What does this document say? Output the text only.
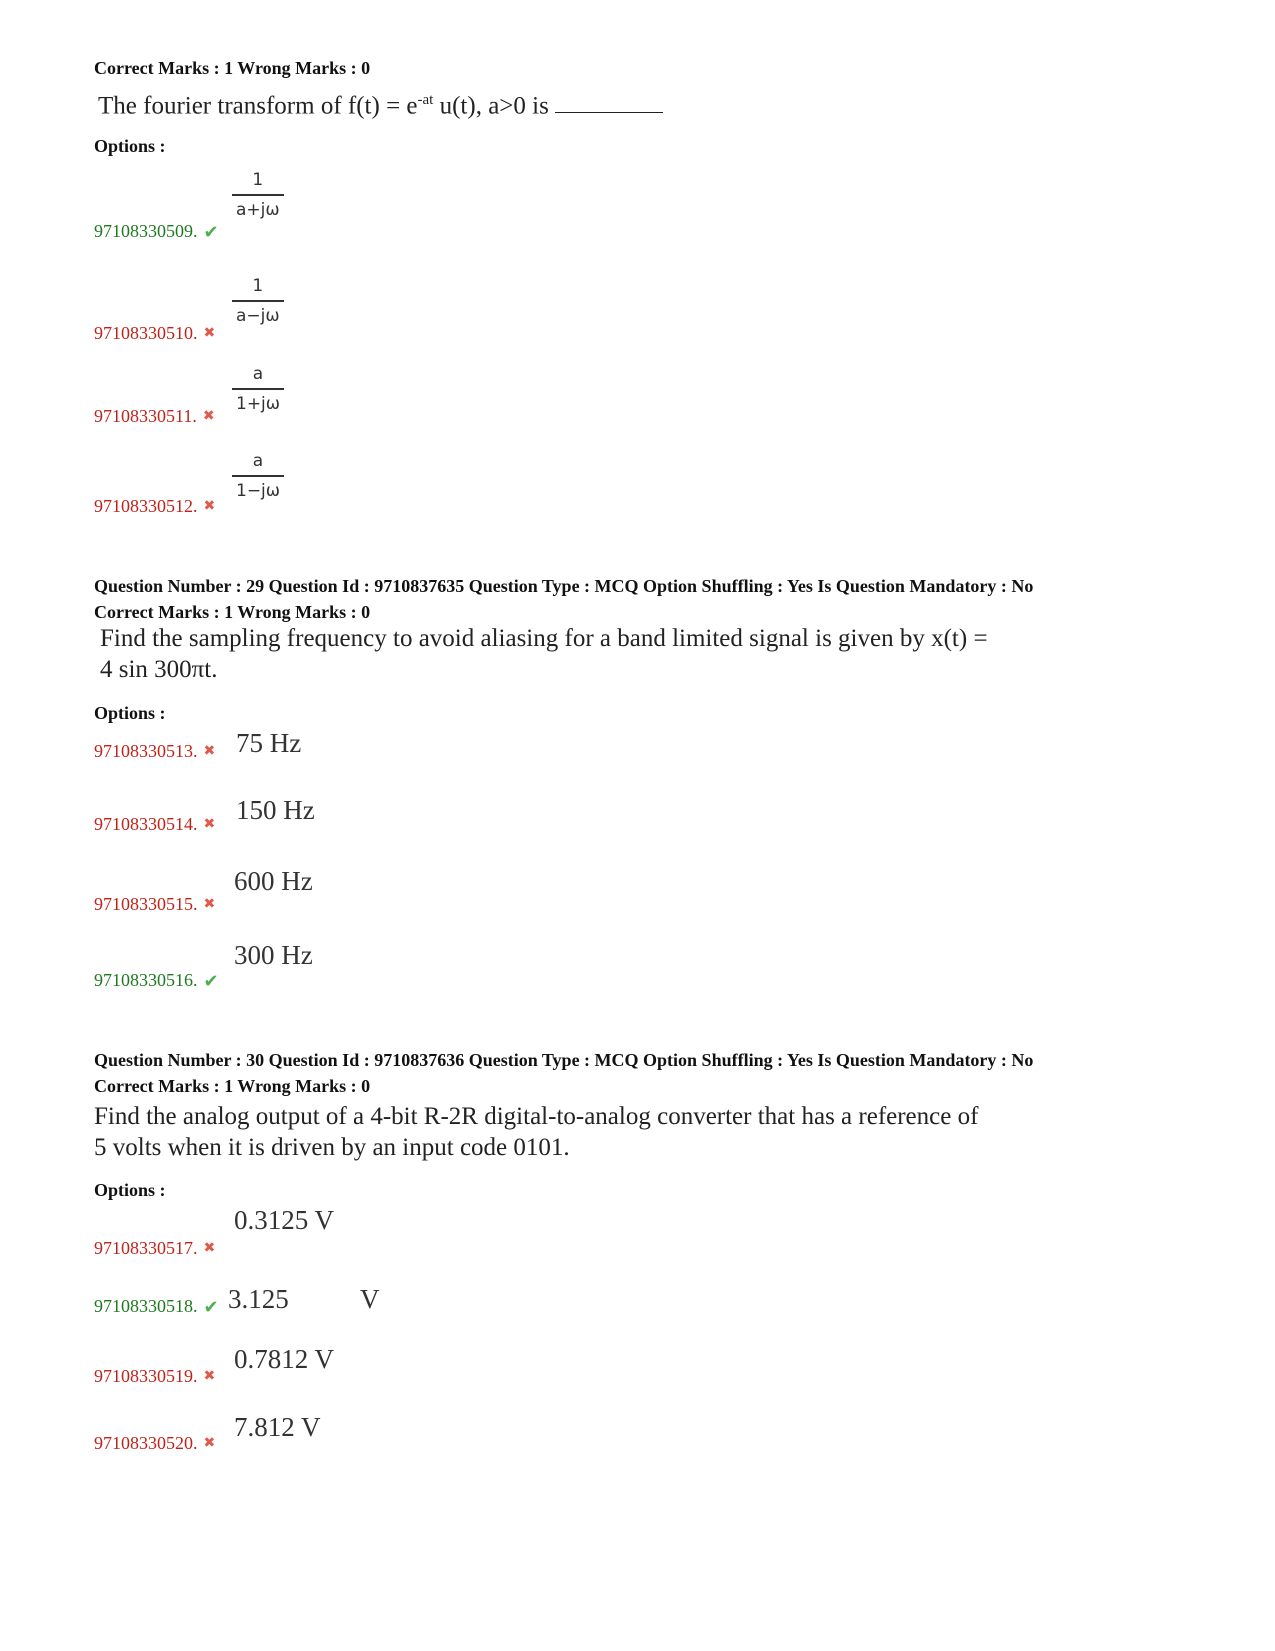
Correct Marks : 1 Wrong Marks : 0
The fourier transform of $f(t) = e^{-at}$ u(t), a>0 is
Options :
97108330509. ✔
1
a+jω
97108330510. ✖
1
a−jω
97108330511. ✖
a
1+jω
97108330512. ✖
a
1−jω
Question Number : 29 Question Id : 9710837635 Question Type : MCQ Option Shuffling : Yes Is Question Mandatory : No
Correct Marks : 1 Wrong Marks : 0
Find the sampling frequency to avoid aliasing for a band limited signal is given by x(t) =
4 sin 300πt.
Options :
97108330513. ✖ 75 Hz
97108330514. ✖ 150 Hz
97108330515. ✖
600 Hz
97108330516. ✔
300 Hz
Question Number : 30 Question Id : 9710837636 Question Type : MCQ Option Shuffling : Yes Is Question Mandatory : No
Correct Marks : 1 Wrong Marks : 0
Find the analog output of a 4-bit R-2R digital-to-analog converter that has a reference of
5 volts when it is driven by an input code 0101.
Options :
97108330517. ✖
0.3125 V
97108330518. ✔ 3.125	V
97108330519. ✖
0.7812 V
97108330520. ✖
7.812 V
